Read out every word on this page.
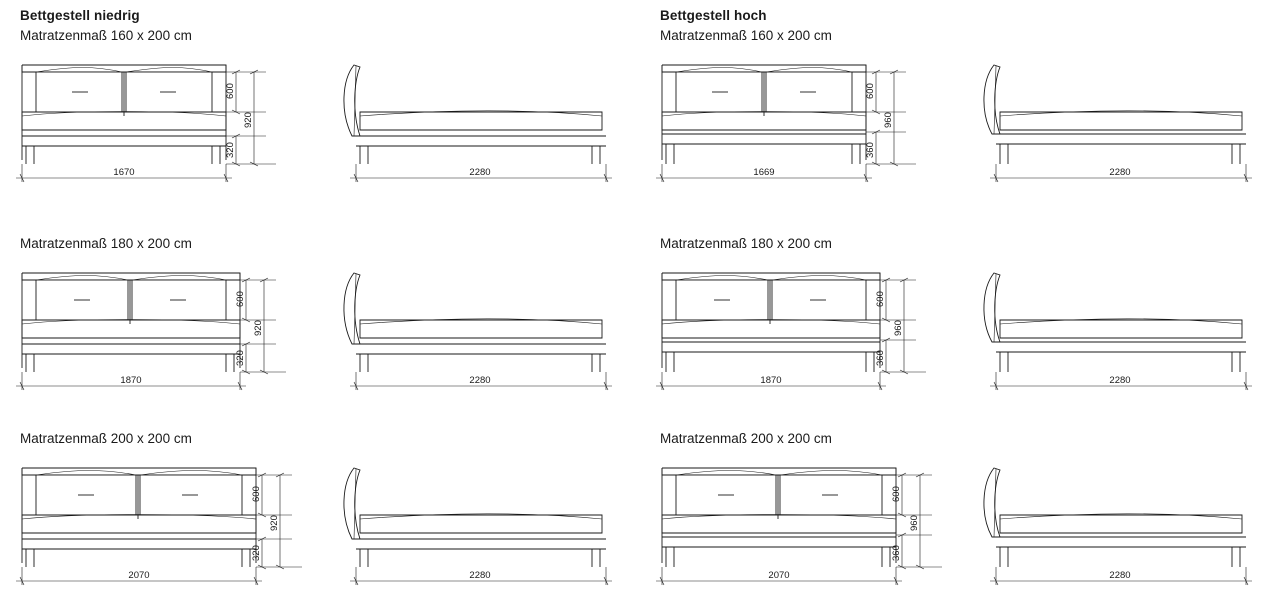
Bettgestell niedrig
Matratzenmaß 160 x 200 cm
600
320
920
1670	2280
Matratzenmaß 180 x 200 cm
600
320
920
1870	2280
Matratzenmaß 200 x 200 cm
600
320
920
2070	2280
Bettgestell hoch
Matratzenmaß 160 x 200 cm
600
360
960
1669	2280
Matratzenmaß 180 x 200 cm
600
360
960
1870	2280
Matratzenmaß 200 x 200 cm
600
360
960
2070	2280
